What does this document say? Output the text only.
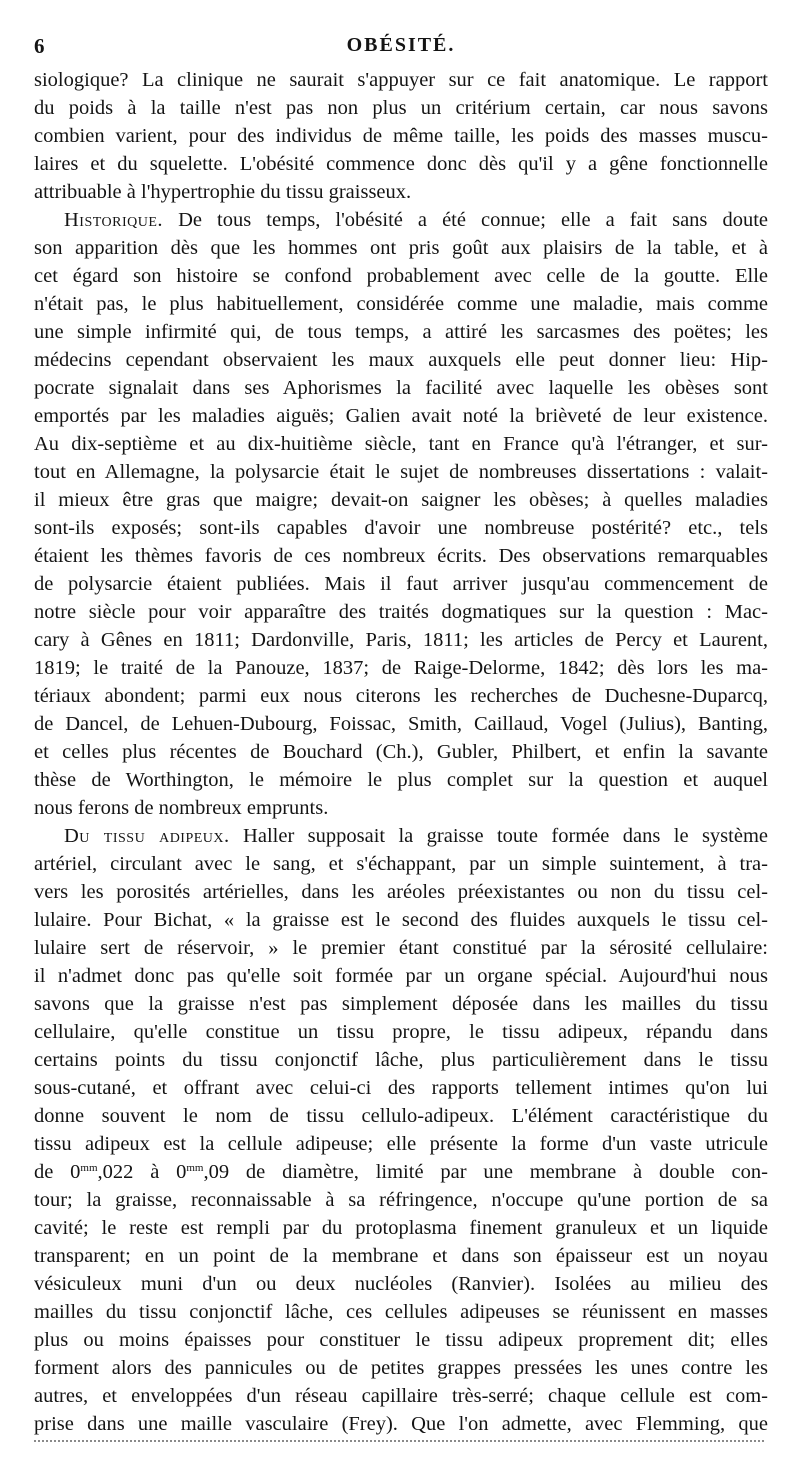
6	OBÉSITÉ.
siologique? La clinique ne saurait s'appuyer sur ce fait anatomique. Le rapport
du poids à la taille n'est pas non plus un critérium certain, car nous savons
combien varient, pour des individus de même taille, les poids des masses muscu-
laires et du squelette. L'obésité commence donc dès qu'il y a gêne fonctionnelle
attribuable à l'hypertrophie du tissu graisseux.
Historique. De tous temps, l'obésité a été connue; elle a fait sans doute
son apparition dès que les hommes ont pris goût aux plaisirs de la table, et à
cet égard son histoire se confond probablement avec celle de la goutte. Elle
n'était pas, le plus habituellement, considérée comme une maladie, mais comme
une simple infirmité qui, de tous temps, a attiré les sarcasmes des poëtes; les
médecins cependant observaient les maux auxquels elle peut donner lieu: Hip-
pocrate signalait dans ses Aphorismes la facilité avec laquelle les obèses sont
emportés par les maladies aiguës; Galien avait noté la brièveté de leur existence.
Au dix-septième et au dix-huitième siècle, tant en France qu'à l'étranger, et sur-
tout en Allemagne, la polysarcie était le sujet de nombreuses dissertations : valait-
il mieux être gras que maigre; devait-on saigner les obèses; à quelles maladies
sont-ils exposés; sont-ils capables d'avoir une nombreuse postérité? etc., tels
étaient les thèmes favoris de ces nombreux écrits. Des observations remarquables
de polysarcie étaient publiées. Mais il faut arriver jusqu'au commencement de
notre siècle pour voir apparaître des traités dogmatiques sur la question : Mac-
cary à Gênes en 1811; Dardonville, Paris, 1811; les articles de Percy et Laurent,
1819; le traité de la Panouze, 1837; de Raige-Delorme, 1842; dès lors les ma-
tériaux abondent; parmi eux nous citerons les recherches de Duchesne-Duparcq,
de Dancel, de Lehuen-Dubourg, Foissac, Smith, Caillaud, Vogel (Julius), Banting,
et celles plus récentes de Bouchard (Ch.), Gubler, Philbert, et enfin la savante
thèse de Worthington, le mémoire le plus complet sur la question et auquel
nous ferons de nombreux emprunts.
Du tissu adipeux. Haller supposait la graisse toute formée dans le système
artériel, circulant avec le sang, et s'échappant, par un simple suintement, à tra-
vers les porosités artérielles, dans les aréoles préexistantes ou non du tissu cel-
lulaire. Pour Bichat, « la graisse est le second des fluides auxquels le tissu cel-
lulaire sert de réservoir, » le premier étant constitué par la sérosité cellulaire:
il n'admet donc pas qu'elle soit formée par un organe spécial. Aujourd'hui nous
savons que la graisse n'est pas simplement déposée dans les mailles du tissu
cellulaire, qu'elle constitue un tissu propre, le tissu adipeux, répandu dans
certains points du tissu conjonctif lâche, plus particulièrement dans le tissu
sous-cutané, et offrant avec celui-ci des rapports tellement intimes qu'on lui
donne souvent le nom de tissu cellulo-adipeux. L'élément caractéristique du
tissu adipeux est la cellule adipeuse; elle présente la forme d'un vaste utricule
de $0^{mm},022$ à $0^{mm},09$ de diamètre, limité par une membrane à double con-
tour; la graisse, reconnaissable à sa réfringence, n'occupe qu'une portion de sa
cavité; le reste est rempli par du protoplasma finement granuleux et un liquide
transparent; en un point de la membrane et dans son épaisseur est un noyau
vésiculeux muni d'un ou deux nucléoles (Ranvier). Isolées au milieu des
mailles du tissu conjonctif lâche, ces cellules adipeuses se réunissent en masses
plus ou moins épaisses pour constituer le tissu adipeux proprement dit; elles
forment alors des pannicules ou de petites grappes pressées les unes contre les
autres, et enveloppées d'un réseau capillaire très-serré; chaque cellule est com-
prise dans une maille vasculaire (Frey). Que l'on admette, avec Flemming, que
